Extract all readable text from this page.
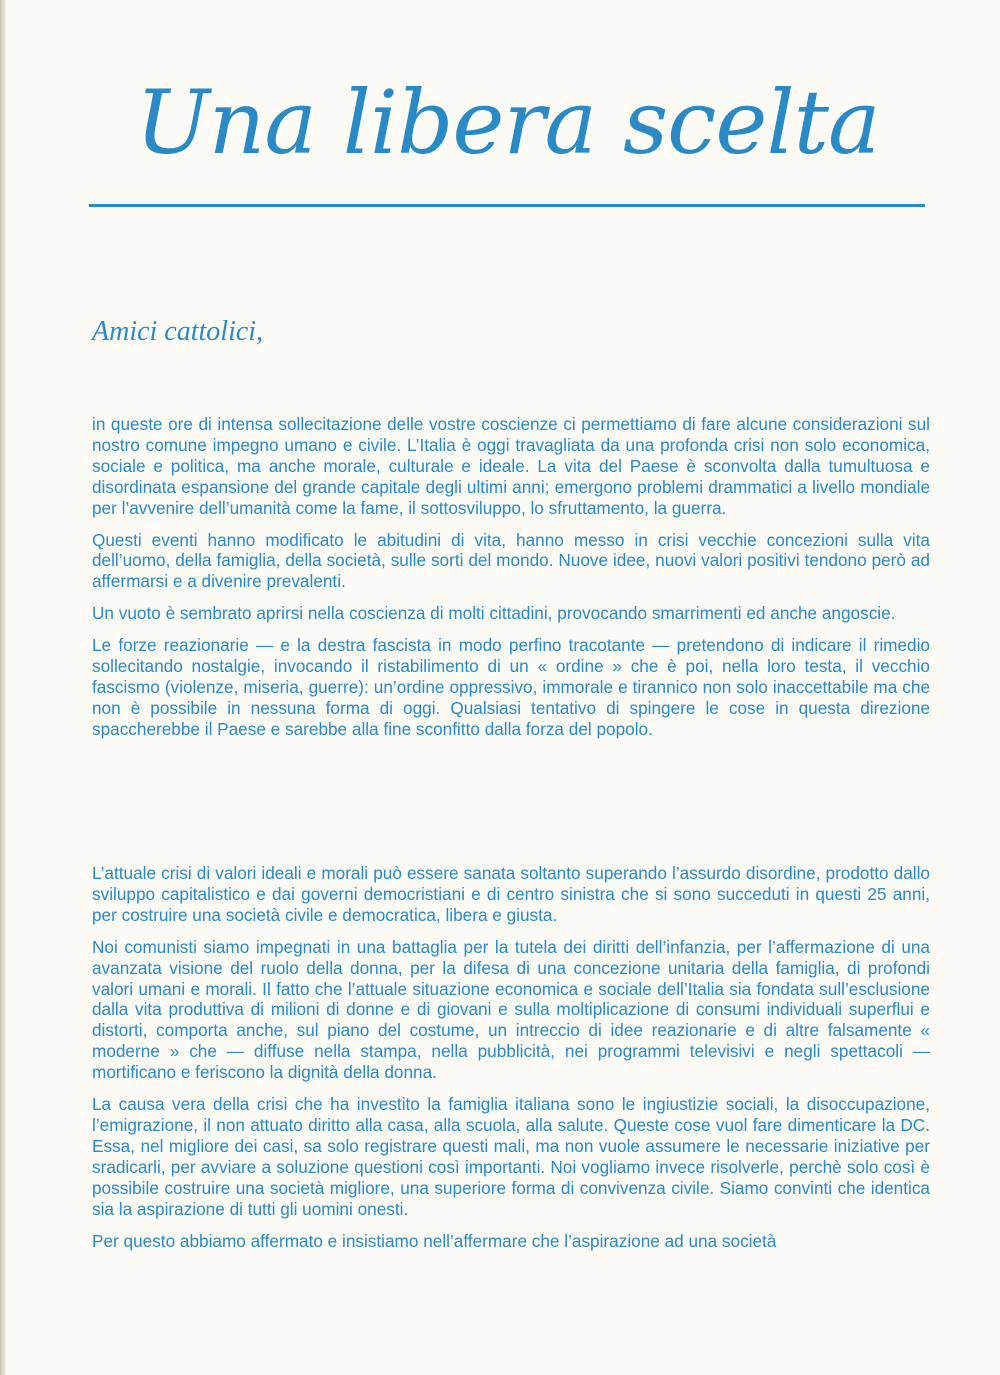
Una libera scelta
Amici cattolici,

in queste ore di intensa sollecitazione delle vostre coscienze ci permettiamo di fare alcune considerazioni sul nostro comune impegno umano e civile. L’Italia è oggi travagliata da una profonda crisi non solo economica, sociale e politica, ma anche morale, culturale e ideale. La vita del Paese è sconvolta dalla tumultuosa e disordinata espansione del grande capitale degli ultimi anni; emergono problemi drammatici a livello mondiale per l’avvenire dell’umanità come la fame, il sottosviluppo, lo sfruttamento, la guerra.

Questi eventi hanno modificato le abitudini di vita, hanno messo in crisi vecchie concezioni sulla vita dell’uomo, della famiglia, della società, sulle sorti del mondo. Nuove idee, nuovi valori positivi tendono però ad affermarsi e a divenire prevalenti.

Un vuoto è sembrato aprirsi nella coscienza di molti cittadini, provocando smarrimenti ed anche angoscie.

Le forze reazionarie — e la destra fascista in modo perfino tracotante — pretendono di indicare il rimedio sollecitando nostalgie, invocando il ristabilimento di un « ordine » che è poi, nella loro testa, il vecchio fascismo (violenze, miseria, guerre): un’ordine oppressivo, immorale e tirannico non solo inaccettabile ma che non è possibile in nessuna forma di oggi. Qualsiasi tentativo di spingere le cose in questa direzione spaccherebbe il Paese e sarebbe alla fine sconfitto dalla forza del popolo.

L’attuale crisi di valori ideali e morali può essere sanata soltanto superando l’assurdo disordine, prodotto dallo sviluppo capitalistico e dai governi democristiani e di centro sinistra che si sono succeduti in questi 25 anni, per costruire una società civile e democratica, libera e giusta.

Noi comunisti siamo impegnati in una battaglia per la tutela dei diritti dell’infanzia, per l’affermazione di una avanzata visione del ruolo della donna, per la difesa di una concezione unitaria della famiglia, di profondi valori umani e morali. Il fatto che l’attuale situazione economica e sociale dell’Italia sia fondata sull’esclusione dalla vita produttiva di milioni di donne e di giovani e sulla moltiplicazione di consumi individuali superflui e distorti, comporta anche, sul piano del costume, un intreccio di idee reazionarie e di altre falsamente « moderne » che — diffuse nella stampa, nella pubblicità, nei programmi televisivi e negli spettacoli — mortificano e feriscono la dignità della donna.

La causa vera della crisi che ha investito la famiglia italiana sono le ingiustizie sociali, la disoccupazione, l’emigrazione, il non attuato diritto alla casa, alla scuola, alla salute. Queste cose vuol fare dimenticare la DC. Essa, nel migliore dei casi, sa solo registrare questi mali, ma non vuole assumere le necessarie iniziative per sradicarli, per avviare a soluzione questioni così importanti. Noi vogliamo invece risolverle, perchè solo così è possibile costruire una società migliore, una superiore forma di convivenza civile. Siamo convinti che identica sia la aspirazione di tutti gli uomini onesti.

Per questo abbiamo affermato e insistiamo nell’affermare che l’aspirazione ad una società
